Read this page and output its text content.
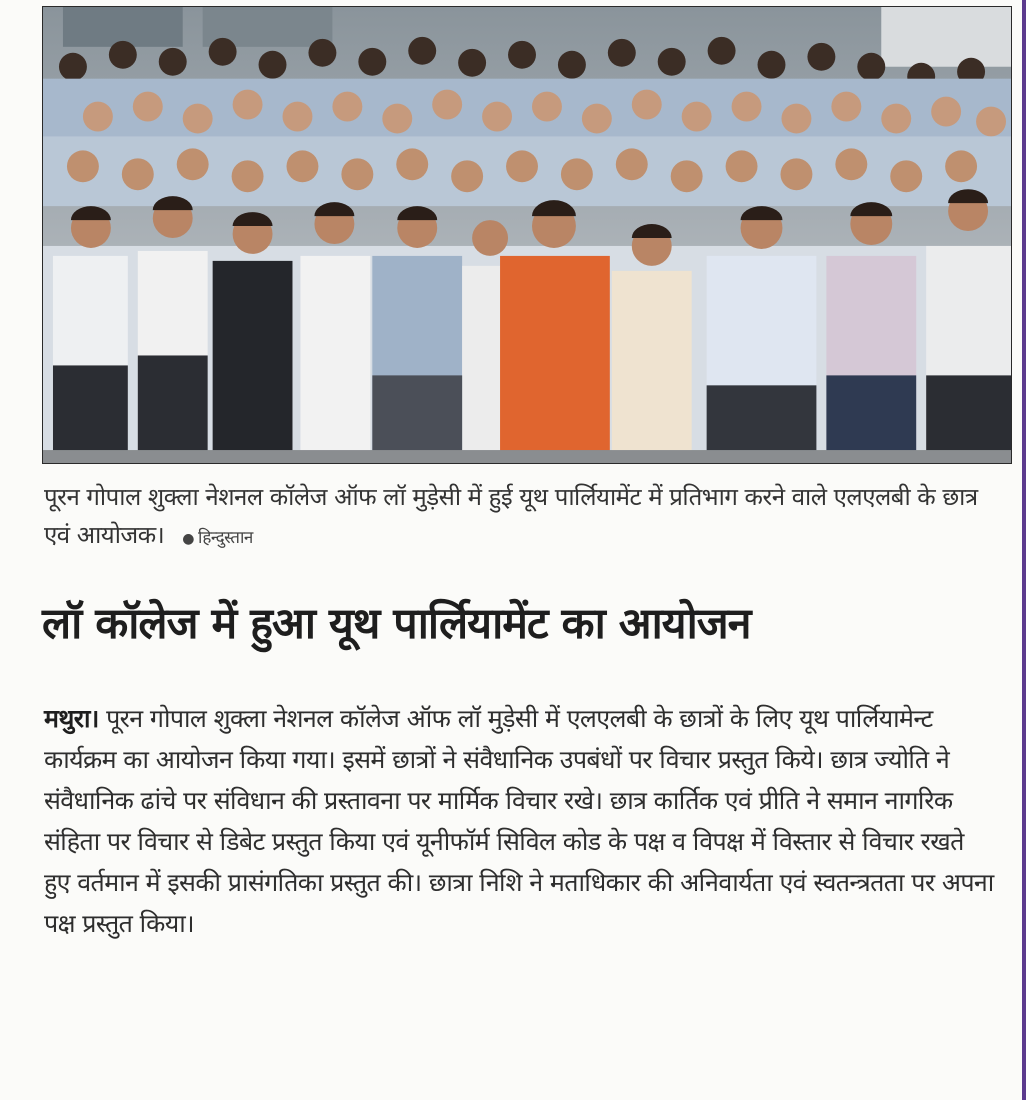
पूरन गोपाल शुक्ला नेशनल कॉलेज ऑफ लॉ मुड़ेसी में हुई यूथ पार्लियामेंट में प्रतिभाग करने वाले एलएलबी के छात्र एवं आयोजक। ● हिन्दुस्तान

लॉ कॉलेज में हुआ यूथ पार्लियामेंट का आयोजन

मथुरा। पूरन गोपाल शुक्ला नेशनल कॉलेज ऑफ लॉ मुड़ेसी में एलएलबी के छात्रों के लिए यूथ पार्लियामेन्ट कार्यक्रम का आयोजन किया गया। इसमें छात्रों ने संवैधानिक उपबंधों पर विचार प्रस्तुत किये। छात्र ज्योति ने संवैधानिक ढांचे पर संविधान की प्रस्तावना पर मार्मिक विचार रखे। छात्र कार्तिक एवं प्रीति ने समान नागरिक संहिता पर विचार से डिबेट प्रस्तुत किया एवं यूनीफॉर्म सिविल कोड के पक्ष व विपक्ष में विस्तार से विचार रखते हुए वर्तमान में इसकी प्रासंगतिका प्रस्तुत की। छात्रा निशि ने मताधिकार की अनिवार्यता एवं स्वतन्त्रतता पर अपना पक्ष प्रस्तुत किया।
